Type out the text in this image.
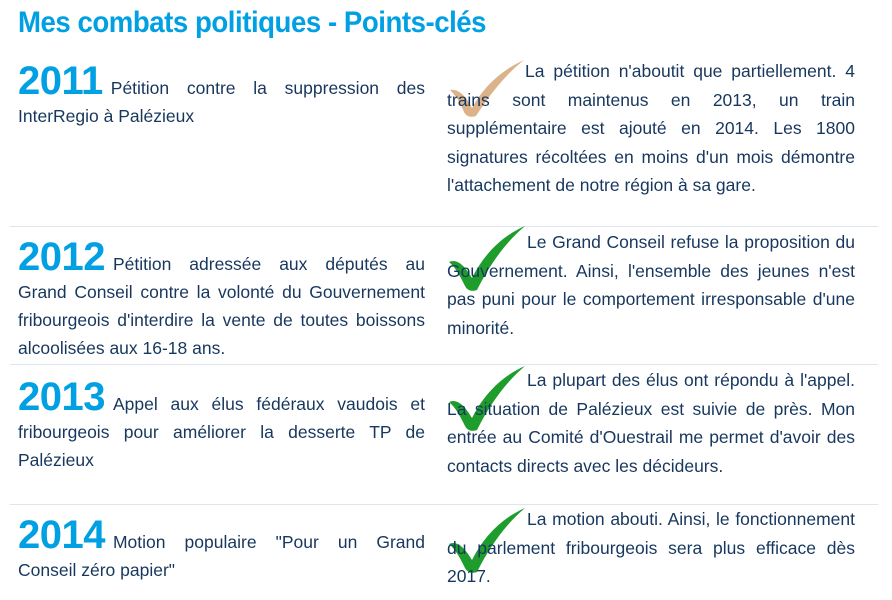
Mes combats politiques - Points-clés
2011 Pétition contre la suppression des InterRegio à Palézieux
La pétition n'aboutit que partiellement. 4 trains sont maintenus en 2013, un train supplémentaire est ajouté en 2014. Les 1800 signatures récoltées en moins d'un mois démontre l'attachement de notre région à sa gare.
2012 Pétition adressée aux députés au Grand Conseil contre la volonté du Gouvernement fribourgeois d'interdire la vente de toutes boissons alcoolisées aux 16-18 ans.
Le Grand Conseil refuse la proposition du Gouvernement. Ainsi, l'ensemble des jeunes n'est pas puni pour le comportement irresponsable d'une minorité.
2013 Appel aux élus fédéraux vaudois et fribourgeois pour améliorer la desserte TP de Palézieux
La plupart des élus ont répondu à l'appel. La situation de Palézieux est suivie de près. Mon entrée au Comité d'Ouestrail me permet d'avoir des contacts directs avec les décideurs.
2014 Motion populaire "Pour un Grand Conseil zéro papier"
La motion abouti. Ainsi, le fonctionnement du parlement fribourgeois sera plus efficace dès 2017.
